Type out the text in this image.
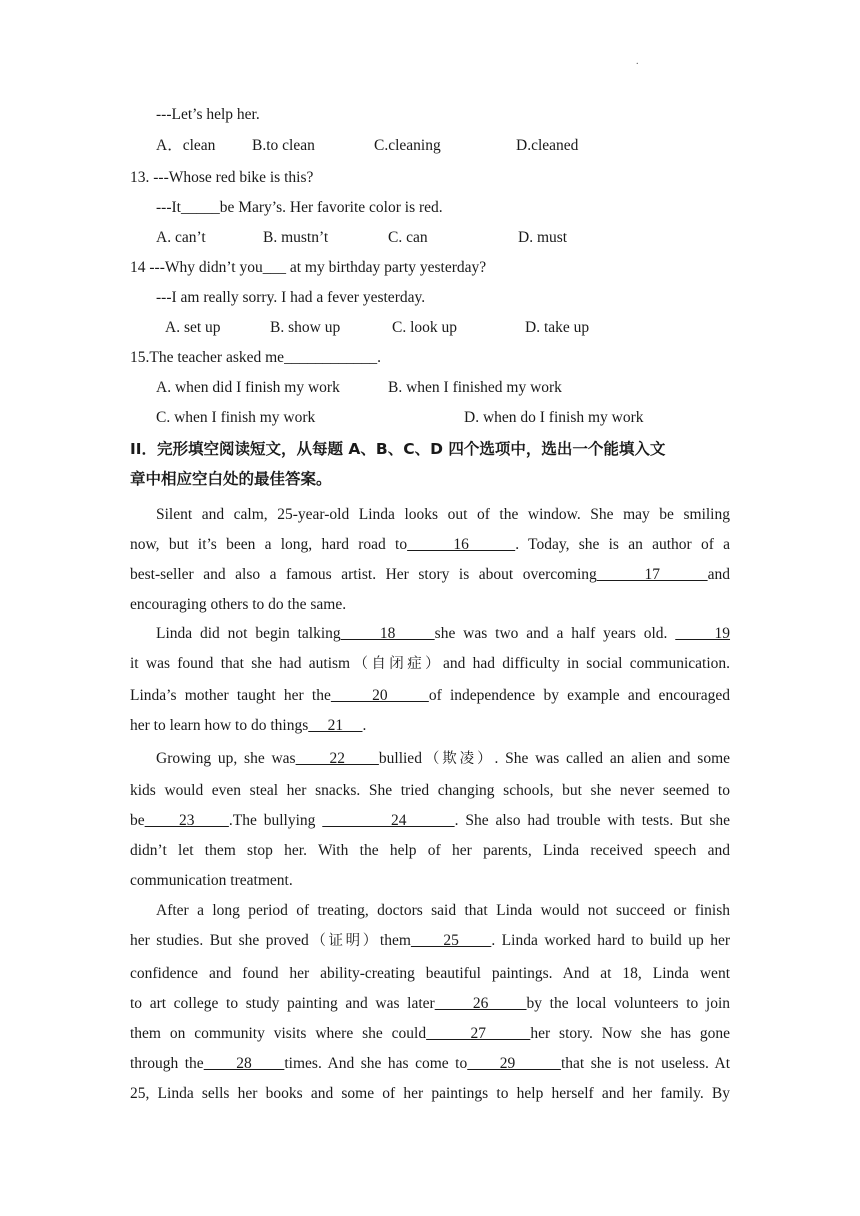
.
---Let’s help her.
A．clean B.to clean	C.cleaning	D.cleaned
13. ---Whose red bike is this?
---It_____be Mary’s. Her favorite color is red.
A. can’t	B. mustn’t	C. can	D. must
14 ---Why didn’t you___ at my birthday party yesterday?
---I am really sorry. I had a fever yesterday.
A. set up	B. show up	C. look up	D. take up
15.The teacher asked me____________.
A. when did I finish my work	B. when I finished my work
C. when I finish my work	D. when do I finish my work
II．完形填空阅读短文，从每题 A、B、C、D 四个选项中，选出一个能填入文
章中相应空白处的最佳答案。
Silent and calm, 25-year-old Linda looks out of the window. She may be smiling
now, but it’s been a long, hard road to     16     . Today, she is an author of a
best-seller and also a famous artist. Her story is about overcoming     17     and
encouraging others to do the same.
Linda did not begin talking     18     she was two and a half years old.      19
it was found that she had autism（自闭症）and had difficulty in social communication.
Linda’s mother taught her the     20     of independence by example and encouraged
her to learn how to do things     21     .
Growing up, she was     22     bullied（欺凌）. She was called an alien and some
kids would even steal her snacks. She tried changing schools, but she never seemed to
be     23     .The bullying           24       . She also had trouble with tests. But she
didn’t let them stop her. With the help of her parents, Linda received speech and
communication treatment.
After a long period of treating, doctors said that Linda would not succeed or finish
her studies. But she proved（证明）them     25     . Linda worked hard to build up her
confidence and found her ability-creating beautiful paintings. And at 18, Linda went
to art college to study painting and was later     26     by the local volunteers to join
them on community visits where she could     27     her story. Now she has gone
through the     28     times. And she has come to     29       that she is not useless. At
25, Linda sells her books and some of her paintings to help herself and her family. By
